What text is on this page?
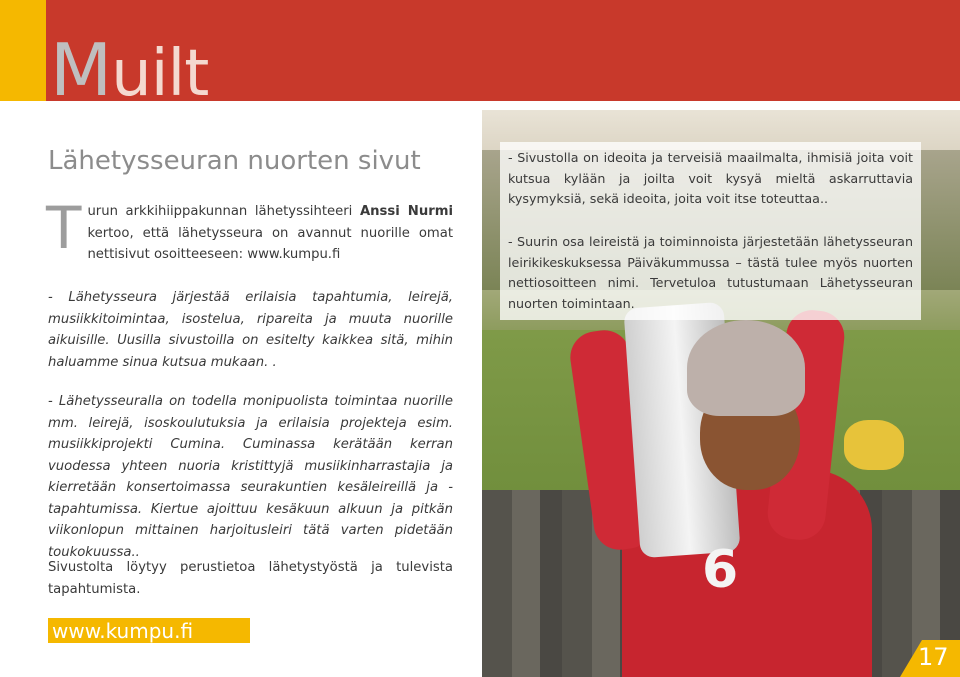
Muilt
Lähetysseuran nuorten sivut

Turun arkkihiippakunnan lähetyssihteeri Anssi Nurmi kertoo, että lähetysseura on avannut nuorille omat nettisivut osoitteeseen: www.kumpu.fi

- Lähetysseura järjestää erilaisia tapahtumia, leirejä, musiikkitoimintaa, isostelua, ripareita ja muuta nuorille aikuisille. Uusilla sivustoilla on esitelty kaikkea sitä, mihin haluamme sinua kutsua mukaan. .

- Lähetysseuralla on todella monipuolista toimintaa nuorille mm. leirejä, isoskoulutuksia ja erilaisia projekteja esim. musiikkiprojekti Cumina. Cuminassa kerätään kerran vuodessa yhteen nuoria kristittyjä musiikinharrastajia ja kierretään konsertoimassa seurakuntien kesäleireillä ja -tapahtumissa. Kiertue ajoittuu kesäkuun alkuun ja pitkän viikonlopun mittainen harjoitusleiri tätä varten pidetään toukokuussa..

Sivustolta löytyy perustietoa lähetystyöstä ja tulevista tapahtumista.

www.kumpu.fi
6

- Sivustolla on ideoita ja terveisiä maailmalta, ihmisiä joita voit kutsua kylään ja joilta voit kysyä mieltä askarruttavia kysymyksiä, sekä ideoita, joita voit itse toteuttaa..

- Suurin osa leireistä ja toiminnoista järjestetään lähetysseuran leirikikeskuksessa Päiväkummussa – tästä tulee myös nuorten nettiosoitteen nimi. Tervetuloa tutustumaan Lähetysseuran nuorten toimintaan.

17
